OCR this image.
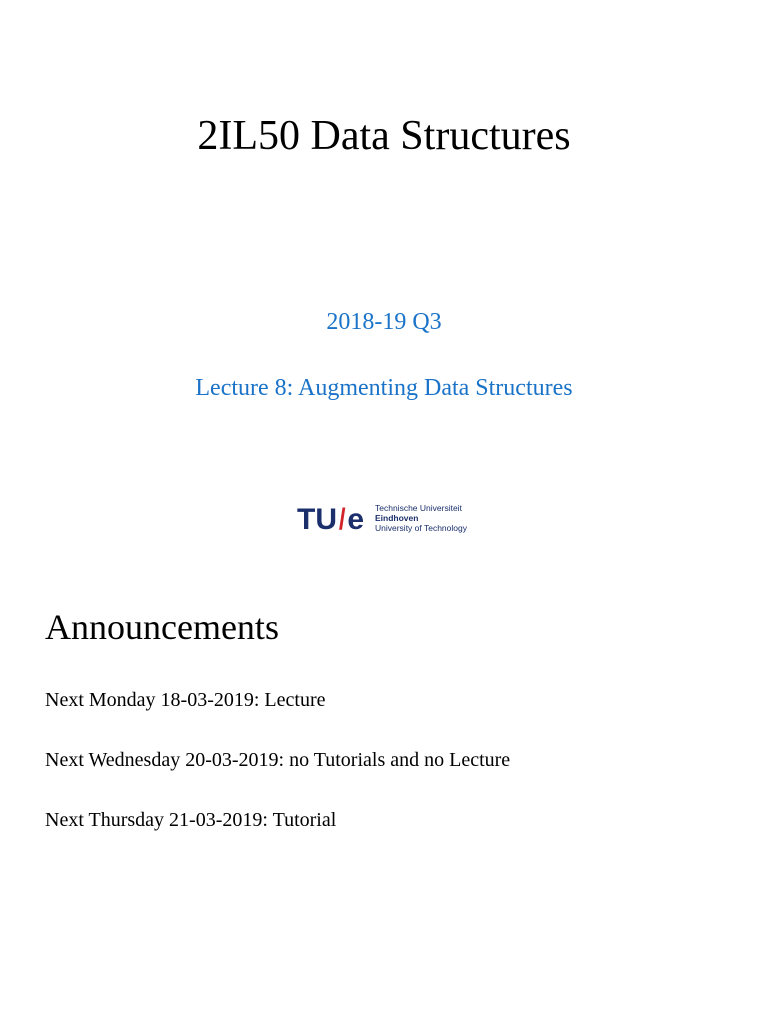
2IL50 Data Structures

2018-19 Q3

Lecture 8: Augmenting Data Structures

TU / e Technische Universiteit
Eindhoven
University of Technology
Announcements

Next Monday 18-03-2019: Lecture

Next Wednesday 20-03-2019: no Tutorials and no Lecture

Next Thursday 21-03-2019: Tutorial
